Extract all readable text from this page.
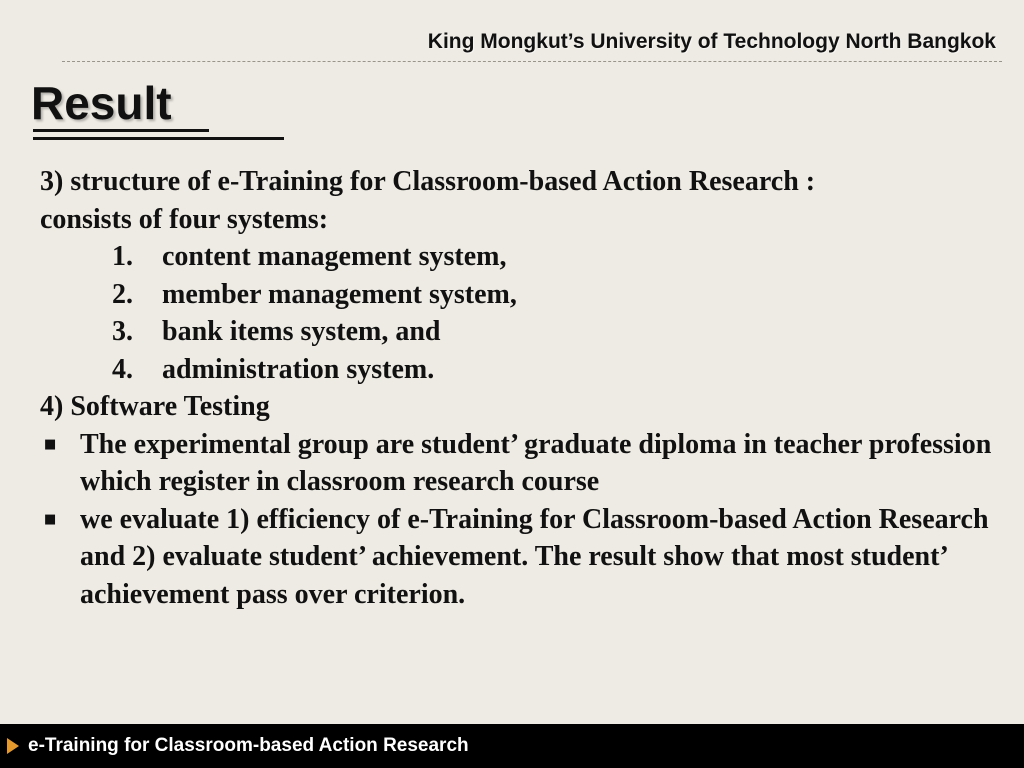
King Mongkut’s University of Technology North Bangkok
Result
3) structure of e-Training for Classroom-based Action Research :
consists of four systems:
1.	content management system,
2.	member management system,
3.	bank items system, and
4.	administration system.
4) Software Testing
■ The experimental group are student’ graduate diploma in teacher profession which register in classroom research course
■ we evaluate 1) efficiency of e-Training for Classroom-based Action Research and 2) evaluate student’ achievement. The result show that most student’ achievement pass over criterion.
e-Training for Classroom-based Action Research
